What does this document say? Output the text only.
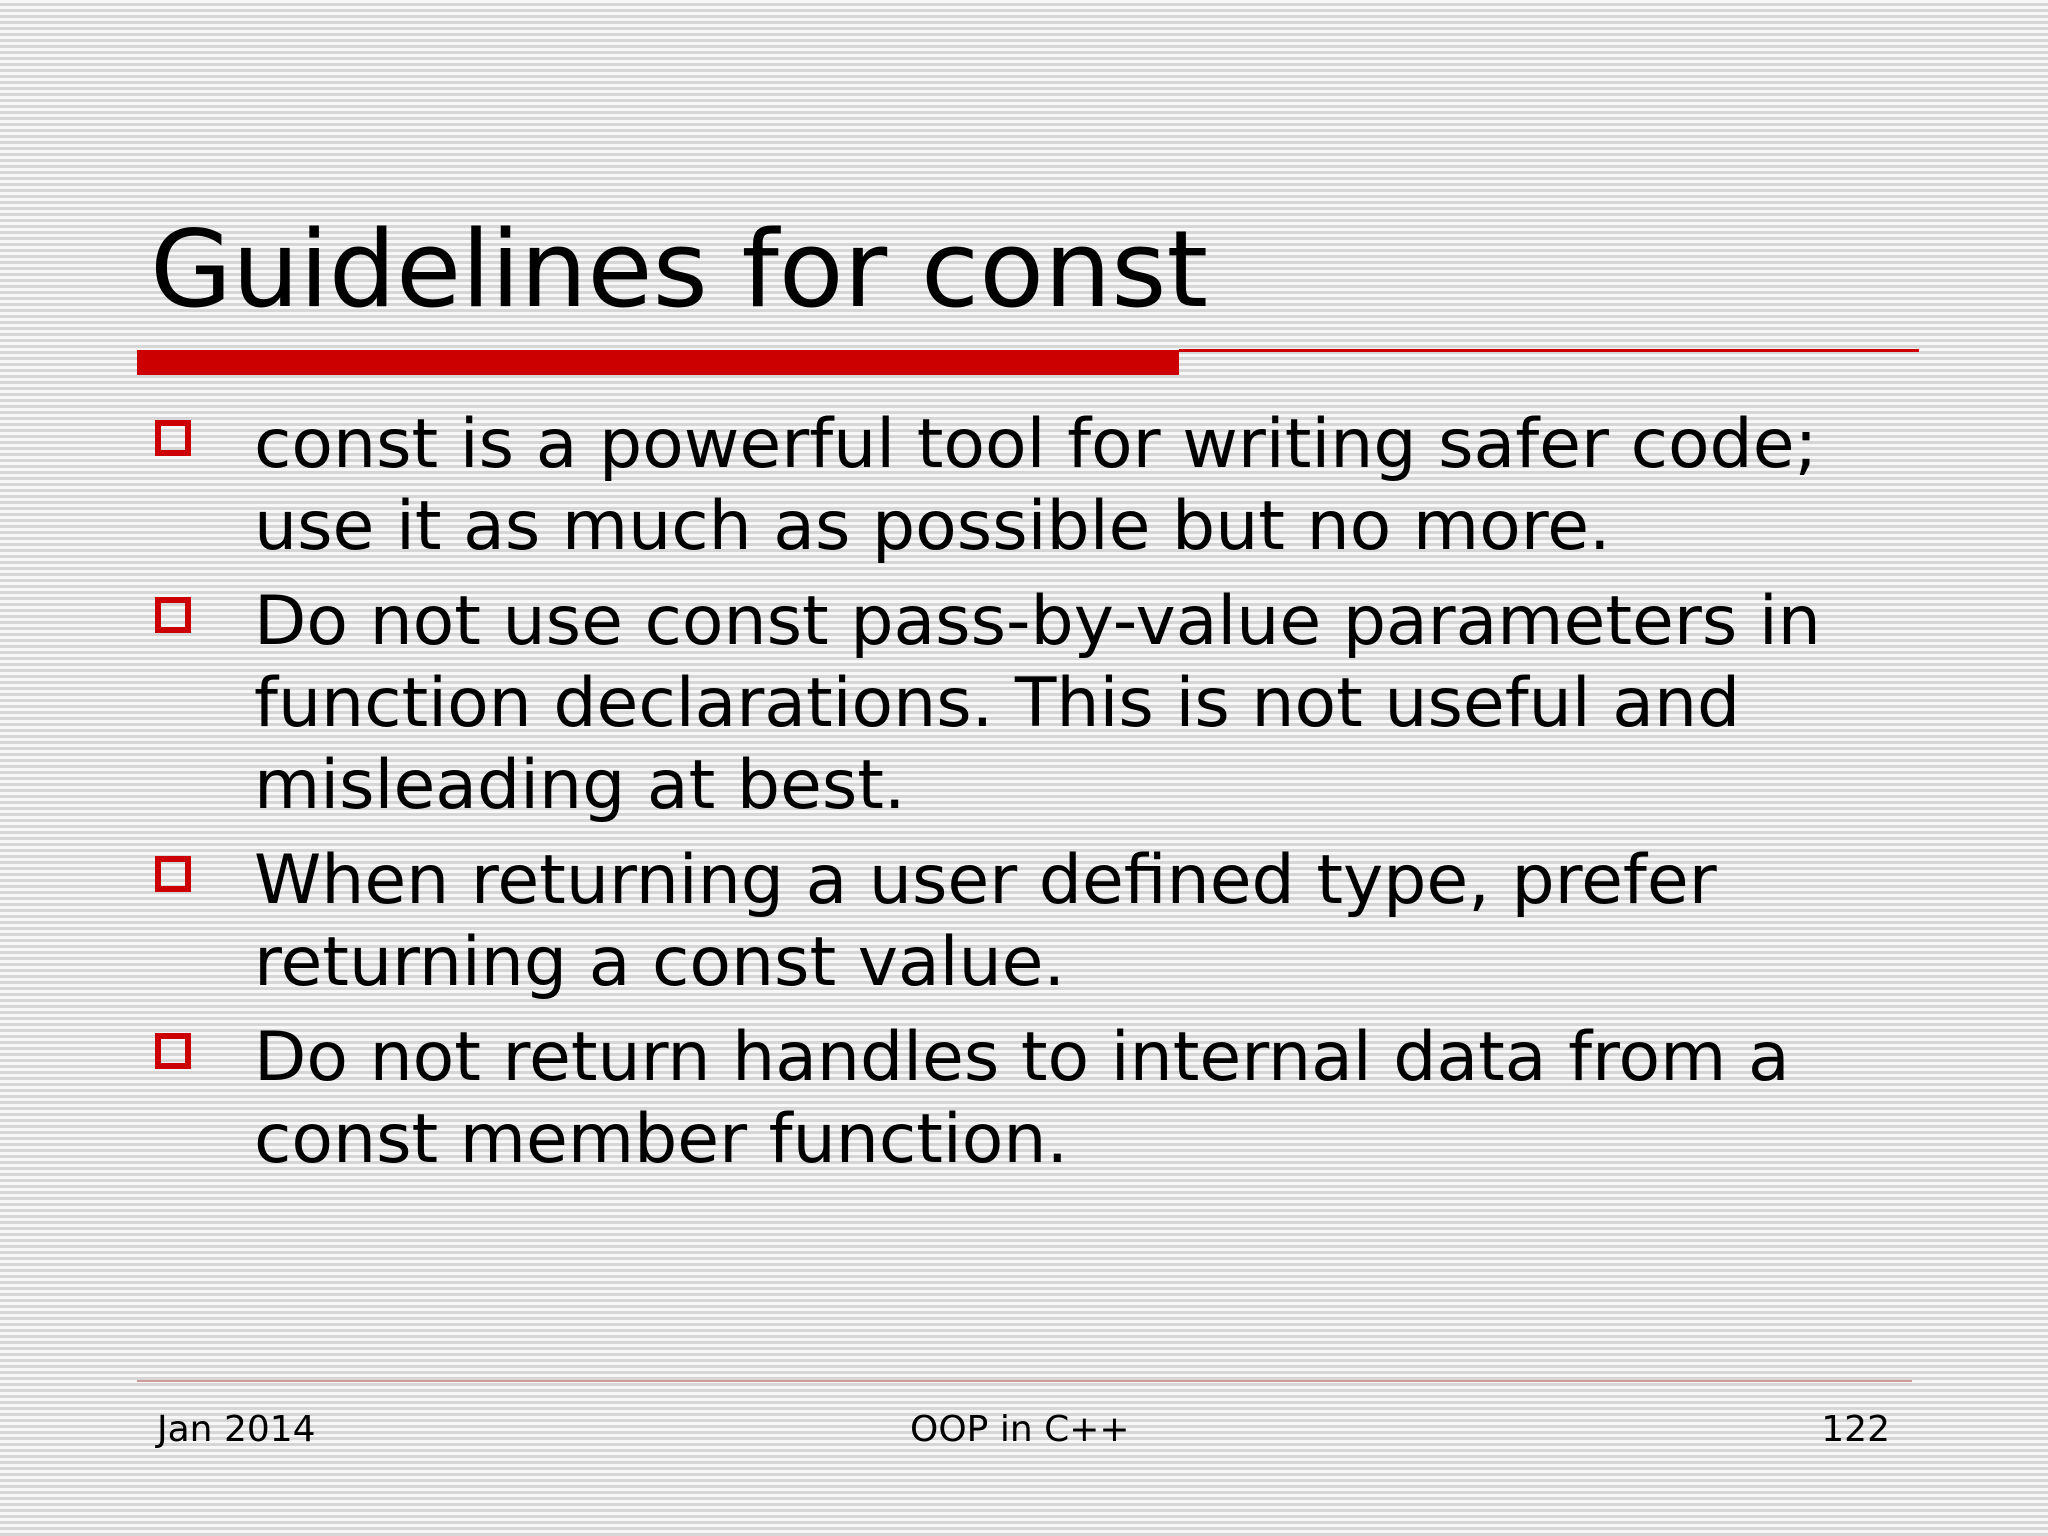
Guidelines for const
const is a powerful tool for writing safer code; use it as much as possible but no more.
Do not use const pass-by-value parameters in function declarations. This is not useful and misleading at best.
When returning a user defined type, prefer returning a const value.
Do not return handles to internal data from a const member function.
Jan 2014	OOP in C++	122
